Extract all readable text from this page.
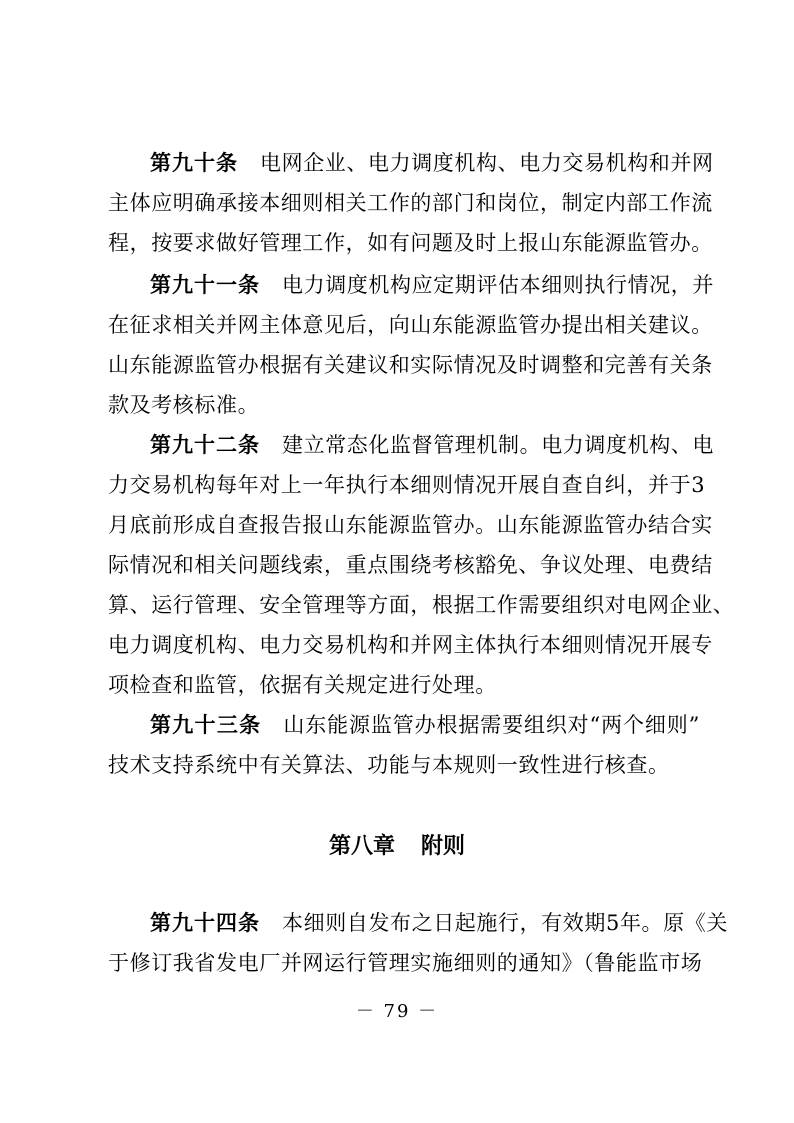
第九十条 电网企业、电力调度机构、电力交易机构和并网
主体应明确承接本细则相关工作的部门和岗位，制定内部工作流
程，按要求做好管理工作，如有问题及时上报山东能源监管办。
第九十一条 电力调度机构应定期评估本细则执行情况，并
在征求相关并网主体意见后，向山东能源监管办提出相关建议。
山东能源监管办根据有关建议和实际情况及时调整和完善有关条
款及考核标准。
第九十二条 建立常态化监督管理机制。电力调度机构、电
力交易机构每年对上一年执行本细则情况开展自查自纠，并于3
月底前形成自查报告报山东能源监管办。山东能源监管办结合实
际情况和相关问题线索，重点围绕考核豁免、争议处理、电费结
算、运行管理、安全管理等方面，根据工作需要组织对电网企业、
电力调度机构、电力交易机构和并网主体执行本细则情况开展专
项检查和监管，依据有关规定进行处理。
第九十三条 山东能源监管办根据需要组织对“两个细则”
技术支持系统中有关算法、功能与本规则一致性进行核查。
第八章 附则
第九十四条 本细则自发布之日起施行，有效期5年。原《关
于修订我省发电厂并网运行管理实施细则的通知》（鲁能监市场
－ 79 －
